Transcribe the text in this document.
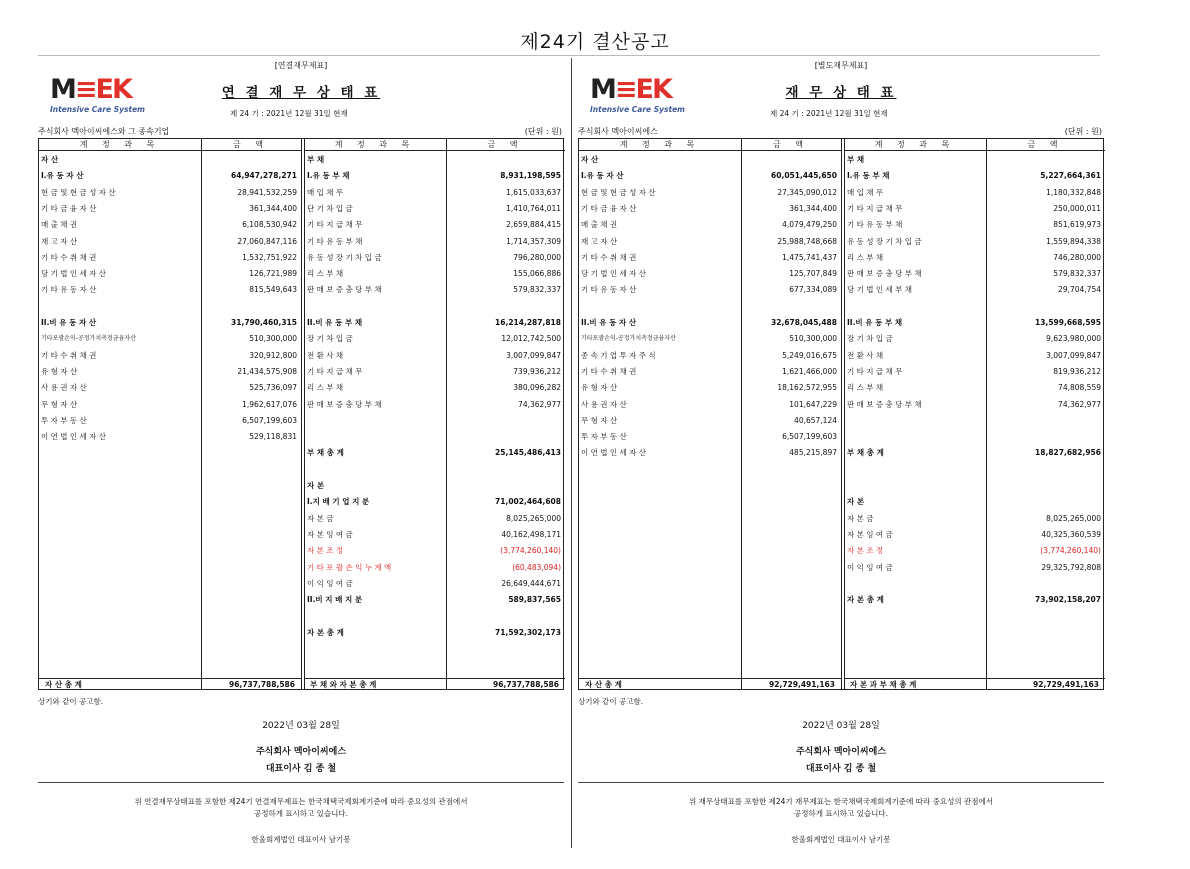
제24기 결산공고
[연결재무제표]
M≡EK
Intensive Care System
연 결 재 무 상 태 표
제 24 기 : 2021년 12월 31일 현재
주식회사 멕아이씨에스와 그 종속기업	(단위 : 원)
계 정 과 목	금 액	계 정 과 목	금 액
자 산
I.유 동 자 산	64,947,278,271
현 금 및 현 금 성 자 산	28,941,532,259
기 타 금 융 자 산	361,344,400
매 출 채 권	6,108,530,942
재 고 자 산	27,060,847,116
기 타 수 취 채 권	1,532,751,922
당 기 법 인 세 자 산	126,721,989
기 타 유 동 자 산	815,549,643
II.비 유 동 자 산	31,790,460,315
기타포괄손익-공정가치측정금융자산	510,300,000
기 타 수 취 채 권	320,912,800
유 형 자 산	21,434,575,908
사 용 권 자 산	525,736,097
무 형 자 산	1,962,617,076
투 자 부 동 산	6,507,199,603
이 연 법 인 세 자 산	529,118,831
부 채
I.유 동 부 채	8,931,198,595
매 입 채 무	1,615,033,637
단 기 차 입 금	1,410,764,011
기 타 지 급 채 무	2,659,884,415
기 타 유 동 부 채	1,714,357,309
유 동 성 장 기 차 입 금	796,280,000
리 스 부 채	155,066,886
판 매 보 증 충 당 부 채	579,832,337
II.비 유 동 부 채	16,214,287,818
장 기 차 입 금	12,012,742,500
전 환 사 채	3,007,099,847
기 타 지 급 채 무	739,936,212
리 스 부 채	380,096,282
판 매 보 증 충 당 부 채	74,362,977
부 채 총 계	25,145,486,413
자 본
I.지 배 기 업 지 분	71,002,464,608
자 본 금	8,025,265,000
자 본 잉 여 금	40,162,498,171
자 본 조 정	(3,774,260,140)
기 타 포 괄 손 익 누 계 액	(60,483,094)
이 익 잉 여 금	26,649,444,671
II.비 지 배 지 분	589,837,565
자 본 총 계	71,592,302,173
자 산 총 계	96,737,788,586 부 채 와 자 본 총 계	96,737,788,586
상기와 같이 공고함.
2022년 03월 28일
주식회사 멕아이씨에스
대표이사 김 종 철
위 연결재무상태표를 포함한 제24기 연결재무제표는 한국채택국제회계기준에 따라 중요성의 관점에서
공정하게 표시하고 있습니다.
한울회계법인 대표이사 남기봉
[별도재무제표]
M≡EK
Intensive Care System
재 무 상 태 표
제 24 기 : 2021년 12월 31일 현재
주식회사 멕아이씨에스	(단위 : 원)
계 정 과 목	금 액	계 정 과 목	금 액
자 산
I.유 동 자 산	60,051,445,650
현 금 및 현 금 성 자 산	27,345,090,012
기 타 금 융 자 산	361,344,400
매 출 채 권	4,079,479,250
재 고 자 산	25,988,748,668
기 타 수 취 채 권	1,475,741,437
당 기 법 인 세 자 산	125,707,849
기 타 유 동 자 산	677,334,089
II.비 유 동 자 산	32,678,045,488
기타포괄손익-공정가치측정금융자산	510,300,000
종 속 기 업 투 자 주 식	5,249,016,675
기 타 수 취 채 권	1,621,466,000
유 형 자 산	18,162,572,955
사 용 권 자 산	101,647,229
무 형 자 산	40,657,124
투 자 부 동 산	6,507,199,603
이 연 법 인 세 자 산	485,215,897
부 채
I.유 동 부 채	5,227,664,361
매 입 채 무	1,180,332,848
기 타 지 급 채 무	250,000,011
기 타 유 동 부 채	851,619,973
유 동 성 장 기 차 입 금	1,559,894,338
리 스 부 채	746,280,000
판 매 보 증 충 당 부 채	579,832,337
당 기 법 인 세 부 채	29,704,754
II.비 유 동 부 채	13,599,668,595
장 기 차 입 금	9,623,980,000
전 환 사 채	3,007,099,847
기 타 지 급 채 무	819,936,212
리 스 부 채	74,808,559
판 매 보 증 충 당 부 채	74,362,977
부 채 총 계	18,827,682,956
자 본
자 본 금	8,025,265,000
자 본 잉 여 금	40,325,360,539
자 본 조 정	(3,774,260,140)
이 익 잉 여 금	29,325,792,808
자 본 총 계	73,902,158,207
자 산 총 계	92,729,491,163 자 본 과 부 채 총 계	92,729,491,163
상기와 같이 공고함.
2022년 03월 28일
주식회사 멕아이씨에스
대표이사 김 종 철
위 재무상태표를 포함한 제24기 재무제표는 한국채택국제회계기준에 따라 중요성의 관점에서
공정하게 표시하고 있습니다.
한울회계법인 대표이사 남기봉
